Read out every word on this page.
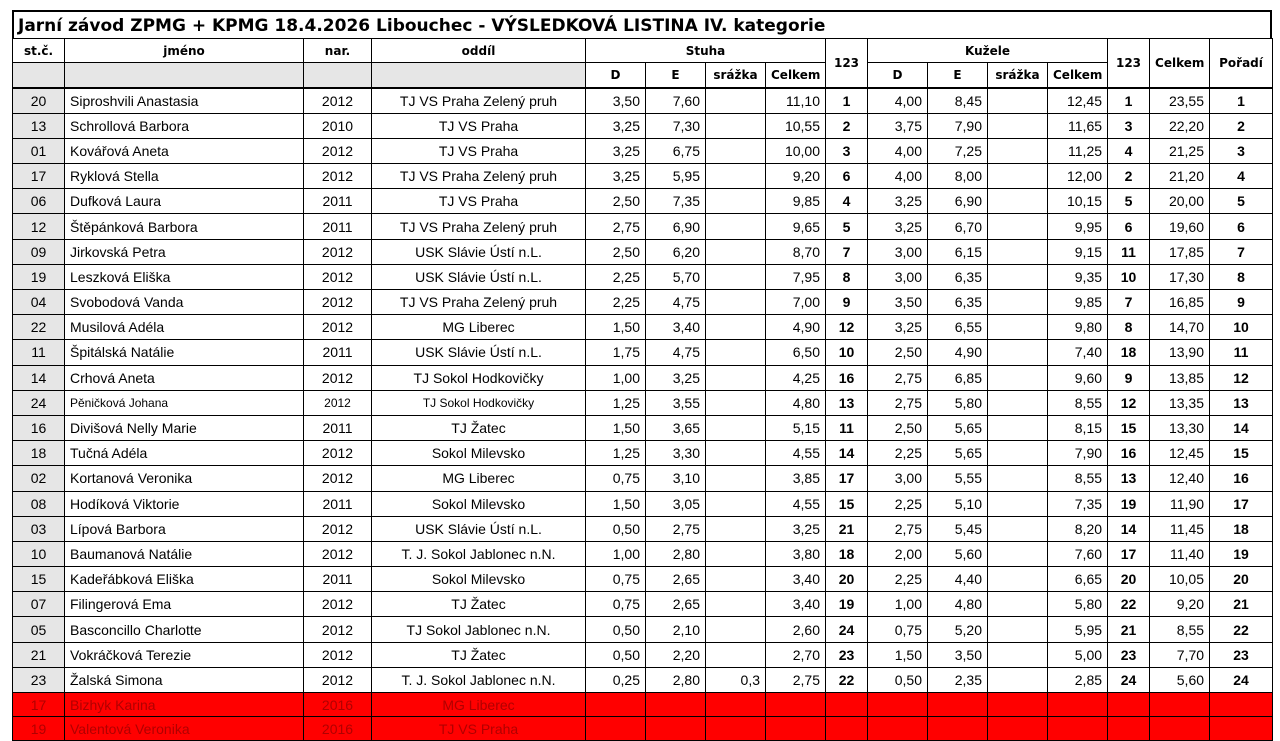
Jarní závod ZPMG + KPMG 18.4.2026 Libouchec - VÝSLEDKOVÁ LISTINA IV. kategorie
st.č.	jméno	nar.	oddíl	Stuha				123	Kužele				123	Celkem	Pořadí
				D	E	srážka	Celkem		D	E	srážka	Celkem			
20	Siproshvili Anastasia	2012	TJ VS Praha Zelený pruh	3,50	7,60		11,10	1	4,00	8,45		12,45	1	23,55	1
13	Schrollová Barbora	2010	TJ VS Praha	3,25	7,30		10,55	2	3,75	7,90		11,65	3	22,20	2
01	Kovářová Aneta	2012	TJ VS Praha	3,25	6,75		10,00	3	4,00	7,25		11,25	4	21,25	3
17	Ryklová Stella	2012	TJ VS Praha Zelený pruh	3,25	5,95		9,20	6	4,00	8,00		12,00	2	21,20	4
06	Dufková Laura	2011	TJ VS Praha	2,50	7,35		9,85	4	3,25	6,90		10,15	5	20,00	5
12	Štěpánková Barbora	2011	TJ VS Praha Zelený pruh	2,75	6,90		9,65	5	3,25	6,70		9,95	6	19,60	6
09	Jirkovská Petra	2012	USK Slávie Ústí n.L.	2,50	6,20		8,70	7	3,00	6,15		9,15	11	17,85	7
19	Leszková Eliška	2012	USK Slávie Ústí n.L.	2,25	5,70		7,95	8	3,00	6,35		9,35	10	17,30	8
04	Svobodová Vanda	2012	TJ VS Praha Zelený pruh	2,25	4,75		7,00	9	3,50	6,35		9,85	7	16,85	9
22	Musilová Adéla	2012	MG Liberec	1,50	3,40		4,90	12	3,25	6,55		9,80	8	14,70	10
11	Špitálská Natálie	2011	USK Slávie Ústí n.L.	1,75	4,75		6,50	10	2,50	4,90		7,40	18	13,90	11
14	Crhová Aneta	2012	TJ Sokol Hodkovičky	1,00	3,25		4,25	16	2,75	6,85		9,60	9	13,85	12
24	Pěničková Johana	2012	TJ Sokol Hodkovičky	1,25	3,55		4,80	13	2,75	5,80		8,55	12	13,35	13
16	Divišová Nelly Marie	2011	TJ Žatec	1,50	3,65		5,15	11	2,50	5,65		8,15	15	13,30	14
18	Tučná Adéla	2012	Sokol Milevsko	1,25	3,30		4,55	14	2,25	5,65		7,90	16	12,45	15
02	Kortanová Veronika	2012	MG Liberec	0,75	3,10		3,85	17	3,00	5,55		8,55	13	12,40	16
08	Hodíková Viktorie	2011	Sokol Milevsko	1,50	3,05		4,55	15	2,25	5,10		7,35	19	11,90	17
03	Lípová Barbora	2012	USK Slávie Ústí n.L.	0,50	2,75		3,25	21	2,75	5,45		8,20	14	11,45	18
10	Baumanová Natálie	2012	T. J. Sokol Jablonec n.N.	1,00	2,80		3,80	18	2,00	5,60		7,60	17	11,40	19
15	Kadeřábková Eliška	2011	Sokol Milevsko	0,75	2,65		3,40	20	2,25	4,40		6,65	20	10,05	20
07	Filingerová Ema	2012	TJ Žatec	0,75	2,65		3,40	19	1,00	4,80		5,80	22	9,20	21
05	Basconcillo Charlotte	2012	TJ Sokol Jablonec n.N.	0,50	2,10		2,60	24	0,75	5,20		5,95	21	8,55	22
21	Vokráčková Terezie	2012	TJ Žatec	0,50	2,20		2,70	23	1,50	3,50		5,00	23	7,70	23
23	Žalská Simona	2012	T. J. Sokol Jablonec n.N.	0,25	2,80	0,3	2,75	22	0,50	2,35		2,85	24	5,60	24
17	Bizhyk Karina	2016	MG Liberec												
19	Valentová Veronika	2016	TJ VS Praha												
